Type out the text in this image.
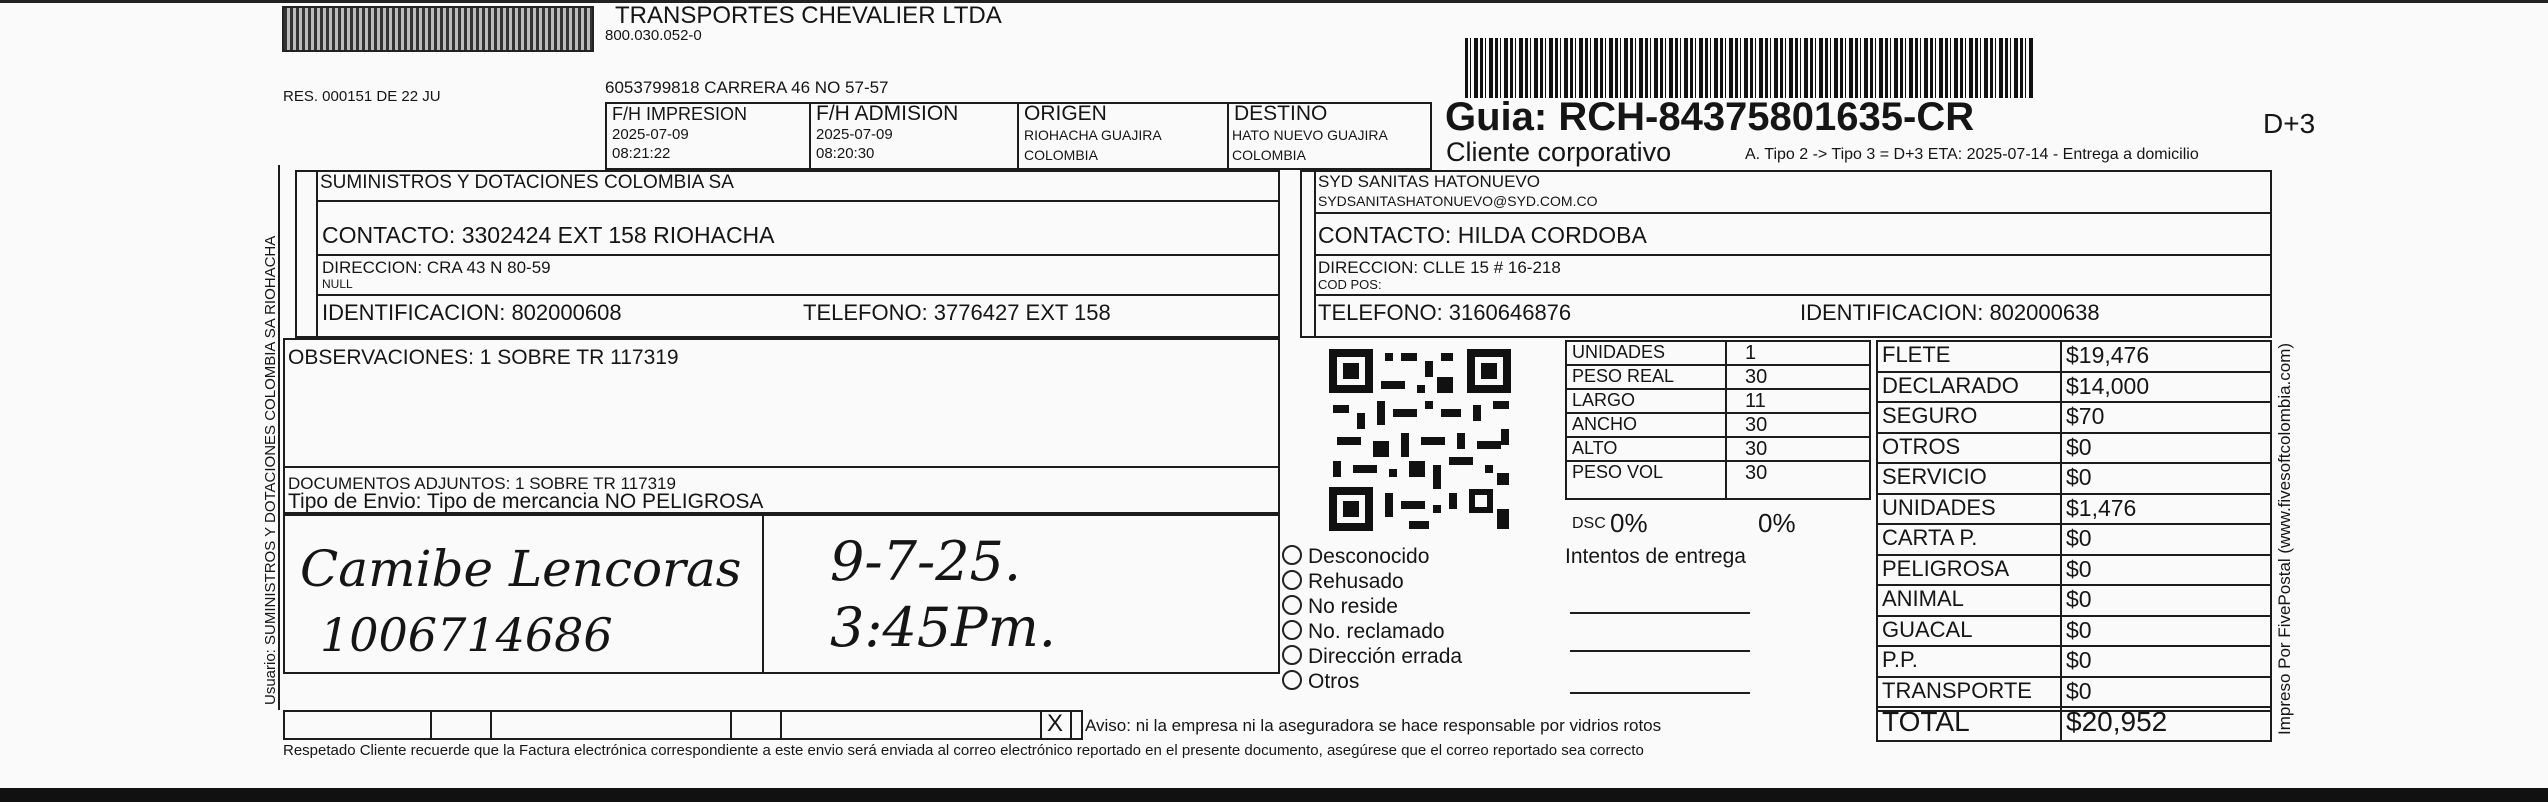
TRANSPORTES CHEVALIER LTDA
800.030.052-0
RES. 000151 DE 22 JU	6053799818 CARRERA 46 NO 57-57
F/H IMPRESION
2025-07-09
08:21:22
F/H ADMISION
2025-07-09
08:20:30
ORIGEN
RIOHACHA GUAJIRA
COLOMBIA
DESTINO
HATO NUEVO GUAJIRA
COLOMBIA
Guia: RCH-84375801635-CR	D+3
Cliente corporativo	A. Tipo 2 -> Tipo 3 = D+3 ETA: 2025-07-14 - Entrega a domicilio
Usuario: SUMINISTROS Y DOTACIONES COLOMBIA SA RIOHACHA
SUMINISTROS Y DOTACIONES COLOMBIA SA
CONTACTO: 3302424 EXT 158 RIOHACHA
DIRECCION: CRA 43 N 80-59
NULL
IDENTIFICACION: 802000608	TELEFONO: 3776427 EXT 158
SYD SANITAS HATONUEVO
SYDSANITASHATONUEVO@SYD.COM.CO
CONTACTO: HILDA CORDOBA
DIRECCION: CLLE 15 # 16-218
COD POS:
TELEFONO: 3160646876	IDENTIFICACION: 802000638
Impreso Por FivePostal (www.fivesoftcolombia.com)
OBSERVACIONES: 1 SOBRE TR 117319
DOCUMENTOS ADJUNTOS: 1 SOBRE TR 117319
Tipo de Envio: Tipo de mercancia NO PELIGROSA
Camibe Lencoras
1006714686
9-7-25.
3:45Pm.
X Aviso: ni la empresa ni la aseguradora se hace responsable por vidrios rotos
Respetado Cliente recuerde que la Factura electrónica correspondiente a este envio será enviada al correo electrónico reportado en el presente documento, asegúrese que el correo reportado sea correcto
UNIDADES	1
PESO REAL	30
LARGO	11
ANCHO	30
ALTO	30
PESO VOL	30
DSC 0%	0%
Desconocido
Rehusado
No reside
No. reclamado
Dirección errada
Otros
Intentos de entrega
FLETE	$19,476
DECLARADO $14,000
SEGURO	$70
OTROS	$0
SERVICIO	$0
UNIDADES	$1,476
CARTA P.	$0
PELIGROSA $0
ANIMAL	$0
GUACAL	$0
P.P.	$0
TRANSPORTE $0
TOTAL	$20,952
